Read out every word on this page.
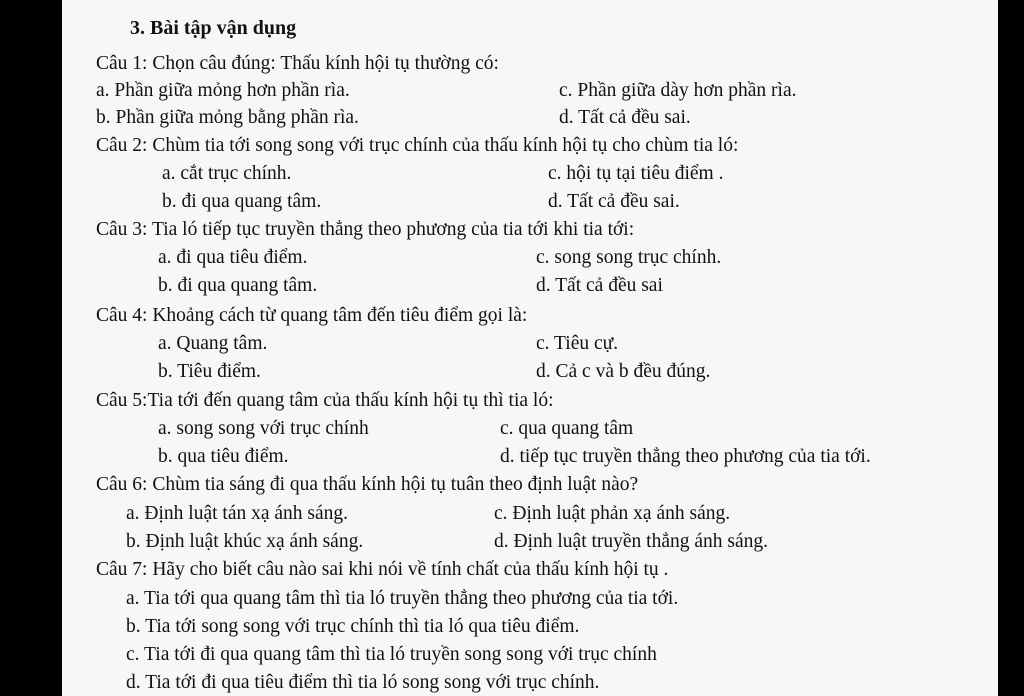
3. Bài tập vận dụng
Câu 1: Chọn câu đúng: Thấu kính hội tụ thường có:
a. Phần giữa mỏng hơn phần rìa.	c. Phần giữa dày hơn phần rìa.
b. Phần giữa mỏng bằng phần rìa.	d. Tất cả đều sai.
Câu 2: Chùm tia tới song song với trục chính của thấu kính hội tụ cho chùm tia ló:
a. cắt trục chính.	c. hội tụ tại tiêu điểm .
b. đi qua quang tâm.	d. Tất cả đều sai.
Câu 3: Tia ló tiếp tục truyền thẳng theo phương của tia tới khi tia tới:
a. đi qua tiêu điểm.	c. song song trục chính.
b. đi qua quang tâm.	d. Tất cả đều sai
Câu 4: Khoảng cách từ quang tâm đến tiêu điểm gọi là:
a. Quang tâm.	c. Tiêu cự.
b. Tiêu điểm.	d. Cả c và b đều đúng.
Câu 5:Tia tới đến quang tâm của thấu kính hội tụ thì tia ló:
a. song song với trục chính	c. qua quang tâm
b. qua tiêu điểm.	d. tiếp tục truyền thẳng theo phương của tia tới.
Câu 6: Chùm tia sáng đi qua thấu kính hội tụ tuân theo định luật nào?
a. Định luật tán xạ ánh sáng.	c. Định luật phản xạ ánh sáng.
b. Định luật khúc xạ ánh sáng.	d. Định luật truyền thẳng ánh sáng.
Câu 7: Hãy cho biết câu nào sai khi nói về tính chất của thấu kính hội tụ .
a. Tia tới qua quang tâm thì tia ló truyền thẳng theo phương của tia tới.
b. Tia tới song song với trục chính thì tia ló qua tiêu điểm.
c. Tia tới đi qua quang tâm thì tia ló truyền song song với trục chính
d. Tia tới đi qua tiêu điểm thì tia ló song song với trục chính.
